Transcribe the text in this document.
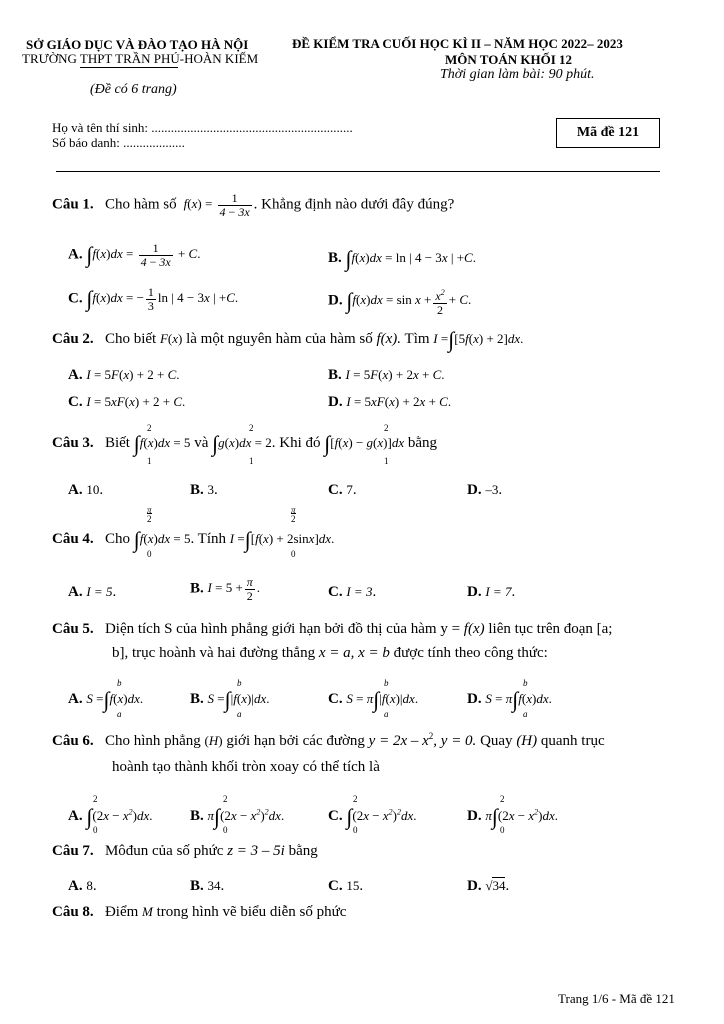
SỞ GIÁO DỤC VÀ ĐÀO TẠO HÀ NỘI
TRƯỜNG THPT TRẦN PHÚ-HOÀN KIẾM
(Đề có 6 trang)
ĐỀ KIỂM TRA CUỐI HỌC KÌ II – NĂM HỌC 2022– 2023
MÔN TOÁN KHỐI 12
Thời gian làm bài: 90 phút.
Họ và tên thí sinh: ..............................................................
Số báo danh: ...................
Mã đề 121
Câu 1. Cho hàm số  $f(x) = \frac{1}{4 - 3x}$ . Khẳng định nào dưới đây đúng?
A. $\int f(x)dx = \frac{1}{4 - 3x} + C$.	B. ∫f(x)dx = ln | 4 − 3x | +C.
C. ∫f(x)dx = − $\frac{1}{3}$ ln | 4 − 3x | +C.	D. $\int f(x)dx = \sin x + \frac{x^2}{2} + C$.
Câu 2. Cho biết F(x) là một nguyên hàm của hàm số f(x). Tìm I =∫[5f(x) + 2]dx.
A. I = 5F(x) + 2 + C.	B. I = 5F(x) + 2x + C.
C. I = 5xF(x) + 2 + C.	D. I = 5xF(x) + 2x + C.
Câu 3. Biết ∫f(x)dx = 5 và ∫g(x)dx = 2. Khi đó ∫[f(x) − g(x)]dx bằng
2
1
2
1
2
1
A. 10.	B. 3.	C. 7.	D. –3.
Câu 4. Cho ∫f(x)dx = 5. Tính I =∫[f(x) + 2sinx]dx.
π
2
0
π
2
0
A. I = 5.	B. $I = 5 + \frac{\pi}{2}$ .	C. I = 3.	D. I = 7.
Câu 5. Diện tích S của hình phẳng giới hạn bởi đồ thị của hàm y = f(x) liên tục trên đoạn [a;
b], trục hoành và hai đường thẳng x = a, x = b được tính theo công thức:
A. S =∫f(x)dx.	B. S =∫|f(x)|dx.	C. S = π∫|f(x)|dx.	D. S = π∫f(x)dx.
b
a
b
a
b
a
b
a
Câu 6. Cho hình phẳng (H) giới hạn bởi các đường $y = 2x - x^2$, y = 0. Quay (H) quanh trục
hoành tạo thành khối tròn xoay có thể tích là
A. $\int(2x - x^2)dx$.	B. $\pi\int(2x - x^2)^2dx$.	C. $\int(2x - x^2)^2dx$.	D. $\pi\int(2x - x^2)dx$.
2
0
2
0
2
0
2
0
Câu 7. Môđun của số phức z = 3 – 5i bằng
A. 8.	B. 34.	C. 15.	D. √34.
Câu 8. Điểm M trong hình vẽ biểu diễn số phức
Trang 1/6 - Mã đề 121
